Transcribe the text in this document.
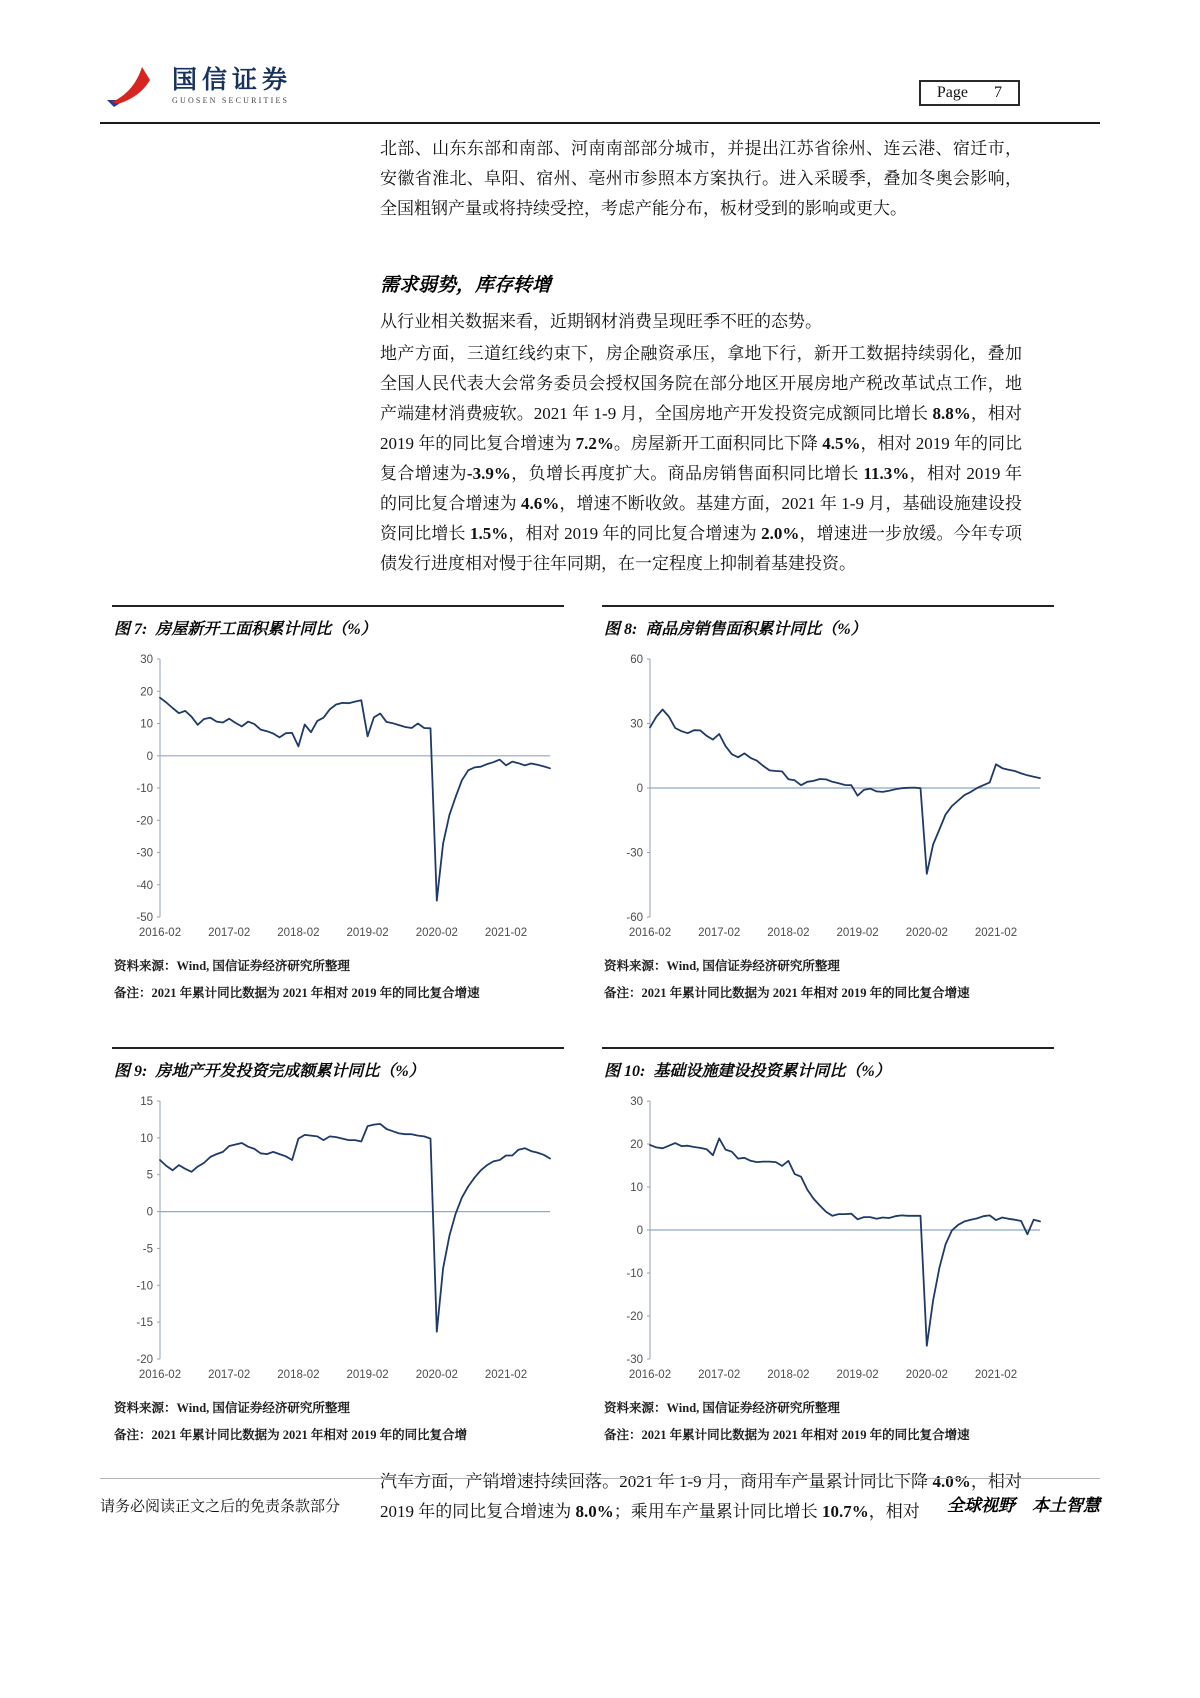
国信证券
GUOSEN SECURITIES	Page 7

北部、山东东部和南部、河南南部部分城市，并提出江苏省徐州、连云港、宿迁市，安徽省淮北、阜阳、宿州、亳州市参照本方案执行。进入采暖季，叠加冬奥会影响，全国粗钢产量或将持续受控，考虑产能分布，板材受到的影响或更大。

需求弱势，库存转增

从行业相关数据来看，近期钢材消费呈现旺季不旺的态势。

地产方面，三道红线约束下，房企融资承压，拿地下行，新开工数据持续弱化，叠加全国人民代表大会常务委员会授权国务院在部分地区开展房地产税改革试点工作，地产端建材消费疲软。2021 年 1-9 月，全国房地产开发投资完成额同比增长 8.8%，相对 2019 年的同比复合增速为 7.2%。房屋新开工面积同比下降 4.5%，相对 2019 年的同比复合增速为-3.9%，负增长再度扩大。商品房销售面积同比增长 11.3%，相对 2019 年的同比复合增速为 4.6%，增速不断收敛。基建方面，2021 年 1-9 月，基础设施建设投资同比增长 1.5%，相对 2019 年的同比复合增速为 2.0%，增速进一步放缓。今年专项债发行进度相对慢于往年同期，在一定程度上抑制着基建投资。

图 7: 房屋新开工面积累计同比（%）
30
20
10
0
-10
-20
-30
-40
-50
2016-02 2017-02 2018-02 2019-02 2020-02 2021-02

资料来源：Wind, 国信证券经济研究所整理

备注：2021 年累计同比数据为 2021 年相对 2019 年的同比复合增速

图 8: 商品房销售面积累计同比（%）
60
30
0
-30
-60
2016-02 2017-02 2018-02 2019-02 2020-02 2021-02

资料来源：Wind, 国信证券经济研究所整理

备注：2021 年累计同比数据为 2021 年相对 2019 年的同比复合增速

图 9: 房地产开发投资完成额累计同比（%）
15
10
5
0
-5
-10
-15
-20
2016-02 2017-02 2018-02 2019-02 2020-02 2021-02

资料来源：Wind, 国信证券经济研究所整理

备注：2021 年累计同比数据为 2021 年相对 2019 年的同比复合增

图 10: 基础设施建设投资累计同比（%）
30
20
10
0
-10
-20
-30
2016-02 2017-02 2018-02 2019-02 2020-02 2021-02

资料来源：Wind, 国信证券经济研究所整理

备注：2021 年累计同比数据为 2021 年相对 2019 年的同比复合增速

汽车方面，产销增速持续回落。2021 年 1-9 月，商用车产量累计同比下降 4.0%，相对 2019 年的同比复合增速为 8.0%；乘用车产量累计同比增长 10.7%，相对

请务必阅读正文之后的免责条款部分	全球视野　本土智慧
